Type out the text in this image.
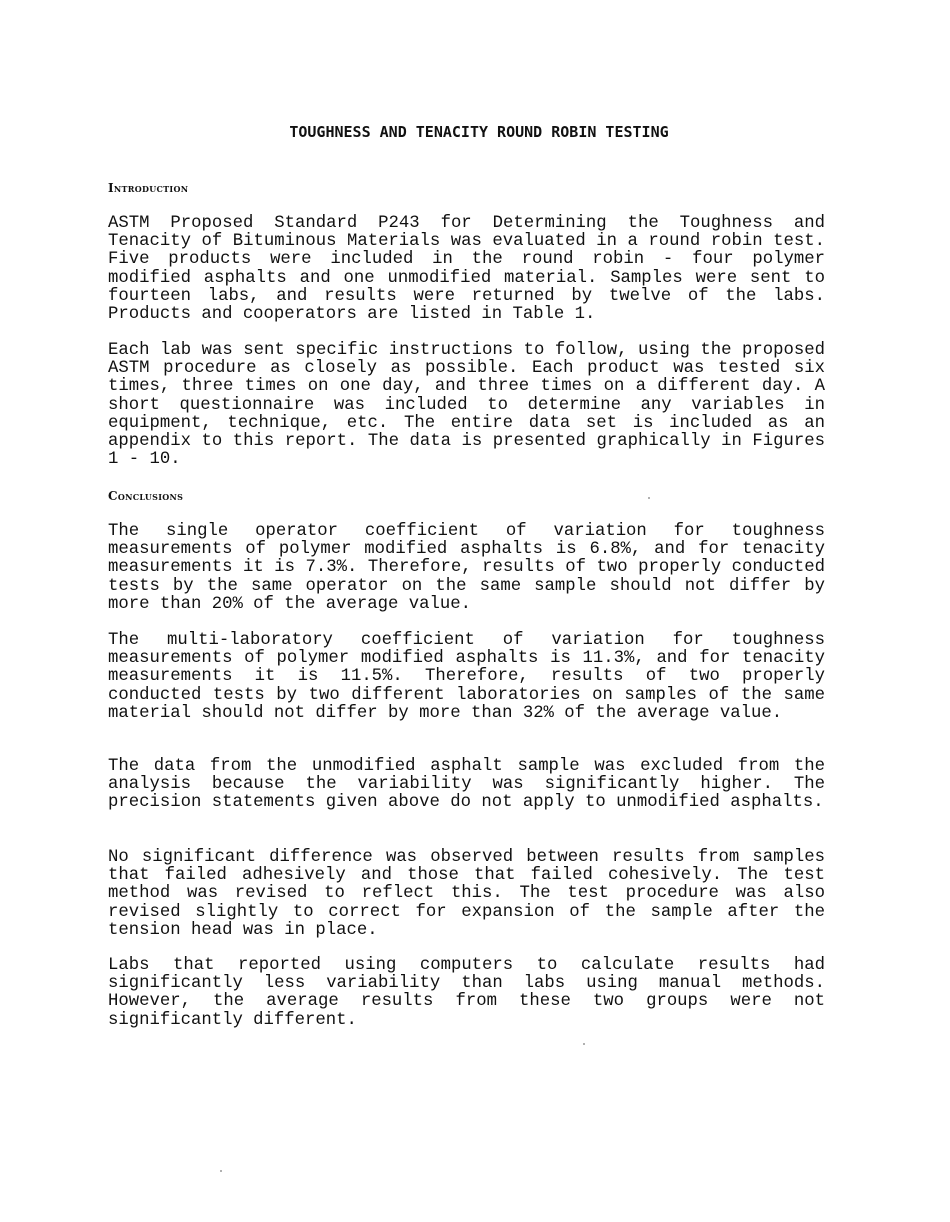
TOUGHNESS AND TENACITY ROUND ROBIN TESTING
Introduction

ASTM Proposed Standard P243 for Determining the Toughness and Tenacity of Bituminous Materials was evaluated in a round robin test. Five products were included in the round robin - four polymer modified asphalts and one unmodified material. Samples were sent to fourteen labs, and results were returned by twelve of the labs. Products and cooperators are listed in Table 1.

Each lab was sent specific instructions to follow, using the proposed ASTM procedure as closely as possible. Each product was tested six times, three times on one day, and three times on a different day. A short questionnaire was included to determine any variables in equipment, technique, etc. The entire data set is included as an appendix to this report. The data is presented graphically in Figures 1 - 10.

Conclusions

The single operator coefficient of variation for toughness measurements of polymer modified asphalts is 6.8%, and for tenacity measurements it is 7.3%. Therefore, results of two properly conducted tests by the same operator on the same sample should not differ by more than 20% of the average value.

The multi-laboratory coefficient of variation for toughness measurements of polymer modified asphalts is 11.3%, and for tenacity measurements it is 11.5%. Therefore, results of two properly conducted tests by two different laboratories on samples of the same material should not differ by more than 32% of the average value.

The data from the unmodified asphalt sample was excluded from the analysis because the variability was significantly higher. The precision statements given above do not apply to unmodified asphalts.

No significant difference was observed between results from samples that failed adhesively and those that failed cohesively. The test method was revised to reflect this. The test procedure was also revised slightly to correct for expansion of the sample after the tension head was in place.

Labs that reported using computers to calculate results had significantly less variability than labs using manual methods. However, the average results from these two groups were not significantly different.
